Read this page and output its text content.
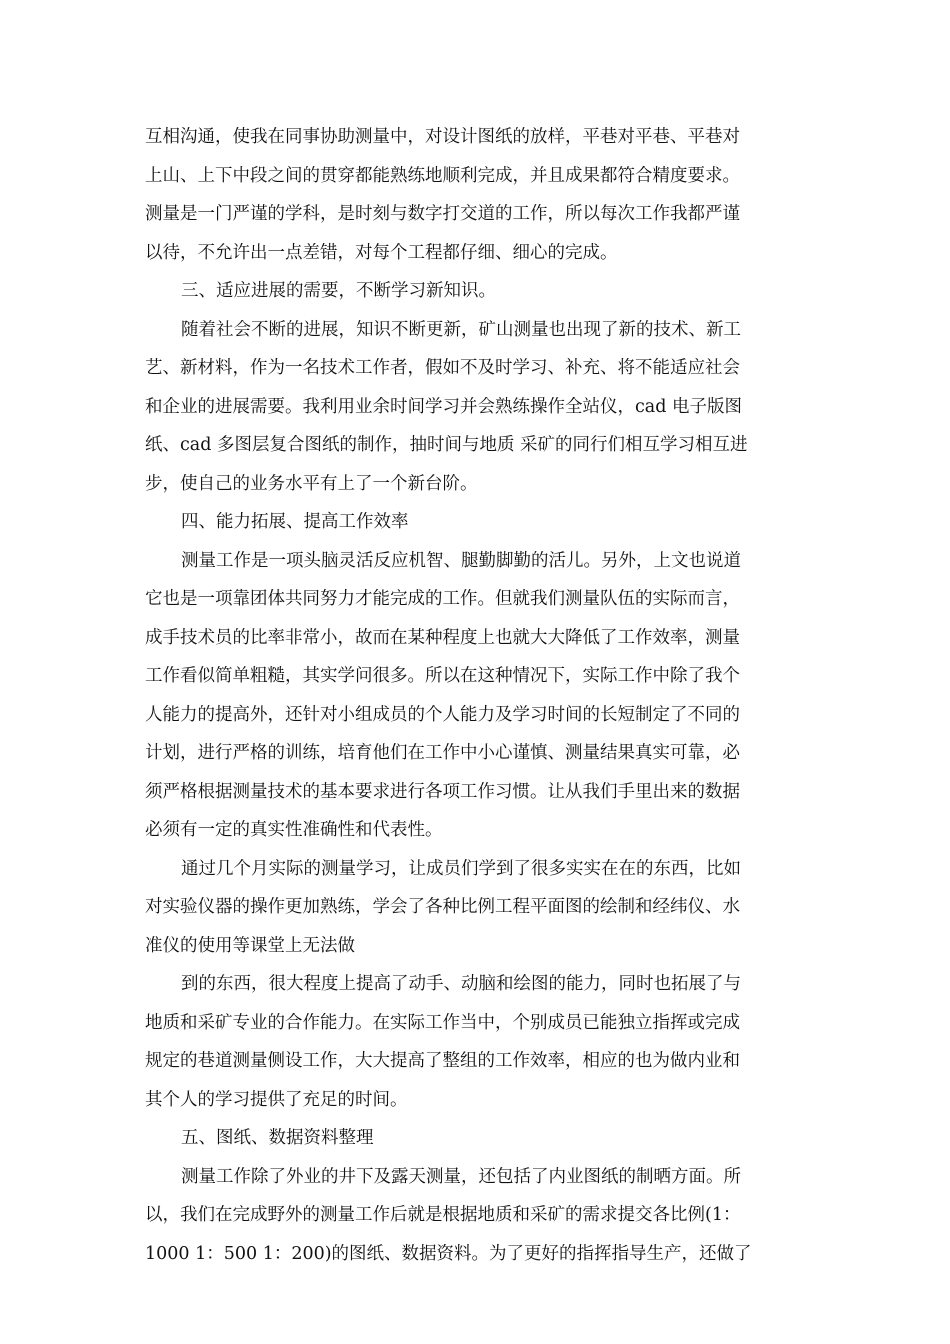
互相沟通，使我在同事协助测量中，对设计图纸的放样，平巷对平巷、平巷对
上山、上下中段之间的贯穿都能熟练地顺利完成，并且成果都符合精度要求。
测量是一门严谨的学科，是时刻与数字打交道的工作，所以每次工作我都严谨
以待，不允许出一点差错，对每个工程都仔细、细心的完成。
三、适应进展的需要，不断学习新知识。
随着社会不断的进展，知识不断更新，矿山测量也出现了新的技术、新工
艺、新材料，作为一名技术工作者，假如不及时学习、补充、将不能适应社会
和企业的进展需要。我利用业余时间学习并会熟练操作全站仪，cad 电子版图
纸、cad 多图层复合图纸的制作，抽时间与地质 采矿的同行们相互学习相互进
步，使自己的业务水平有上了一个新台阶。
四、能力拓展、提高工作效率
测量工作是一项头脑灵活反应机智、腿勤脚勤的活儿。另外，上文也说道
它也是一项靠团体共同努力才能完成的工作。但就我们测量队伍的实际而言，
成手技术员的比率非常小，故而在某种程度上也就大大降低了工作效率，测量
工作看似简单粗糙，其实学问很多。所以在这种情况下，实际工作中除了我个
人能力的提高外，还针对小组成员的个人能力及学习时间的长短制定了不同的
计划，进行严格的训练，培育他们在工作中小心谨慎、测量结果真实可靠，必
须严格根据测量技术的基本要求进行各项工作习惯。让从我们手里出来的数据
必须有一定的真实性准确性和代表性。
通过几个月实际的测量学习，让成员们学到了很多实实在在的东西，比如
对实验仪器的操作更加熟练，学会了各种比例工程平面图的绘制和经纬仪、水
准仪的使用等课堂上无法做
到的东西，很大程度上提高了动手、动脑和绘图的能力，同时也拓展了与
地质和采矿专业的合作能力。在实际工作当中，个别成员已能独立指挥或完成
规定的巷道测量侧设工作，大大提高了整组的工作效率，相应的也为做内业和
其个人的学习提供了充足的时间。
五、图纸、数据资料整理
测量工作除了外业的井下及露天测量，还包括了内业图纸的制晒方面。所
以，我们在完成野外的测量工作后就是根据地质和采矿的需求提交各比例(1：
1000 1：500 1：200)的图纸、数据资料。为了更好的指挥指导生产，还做了
